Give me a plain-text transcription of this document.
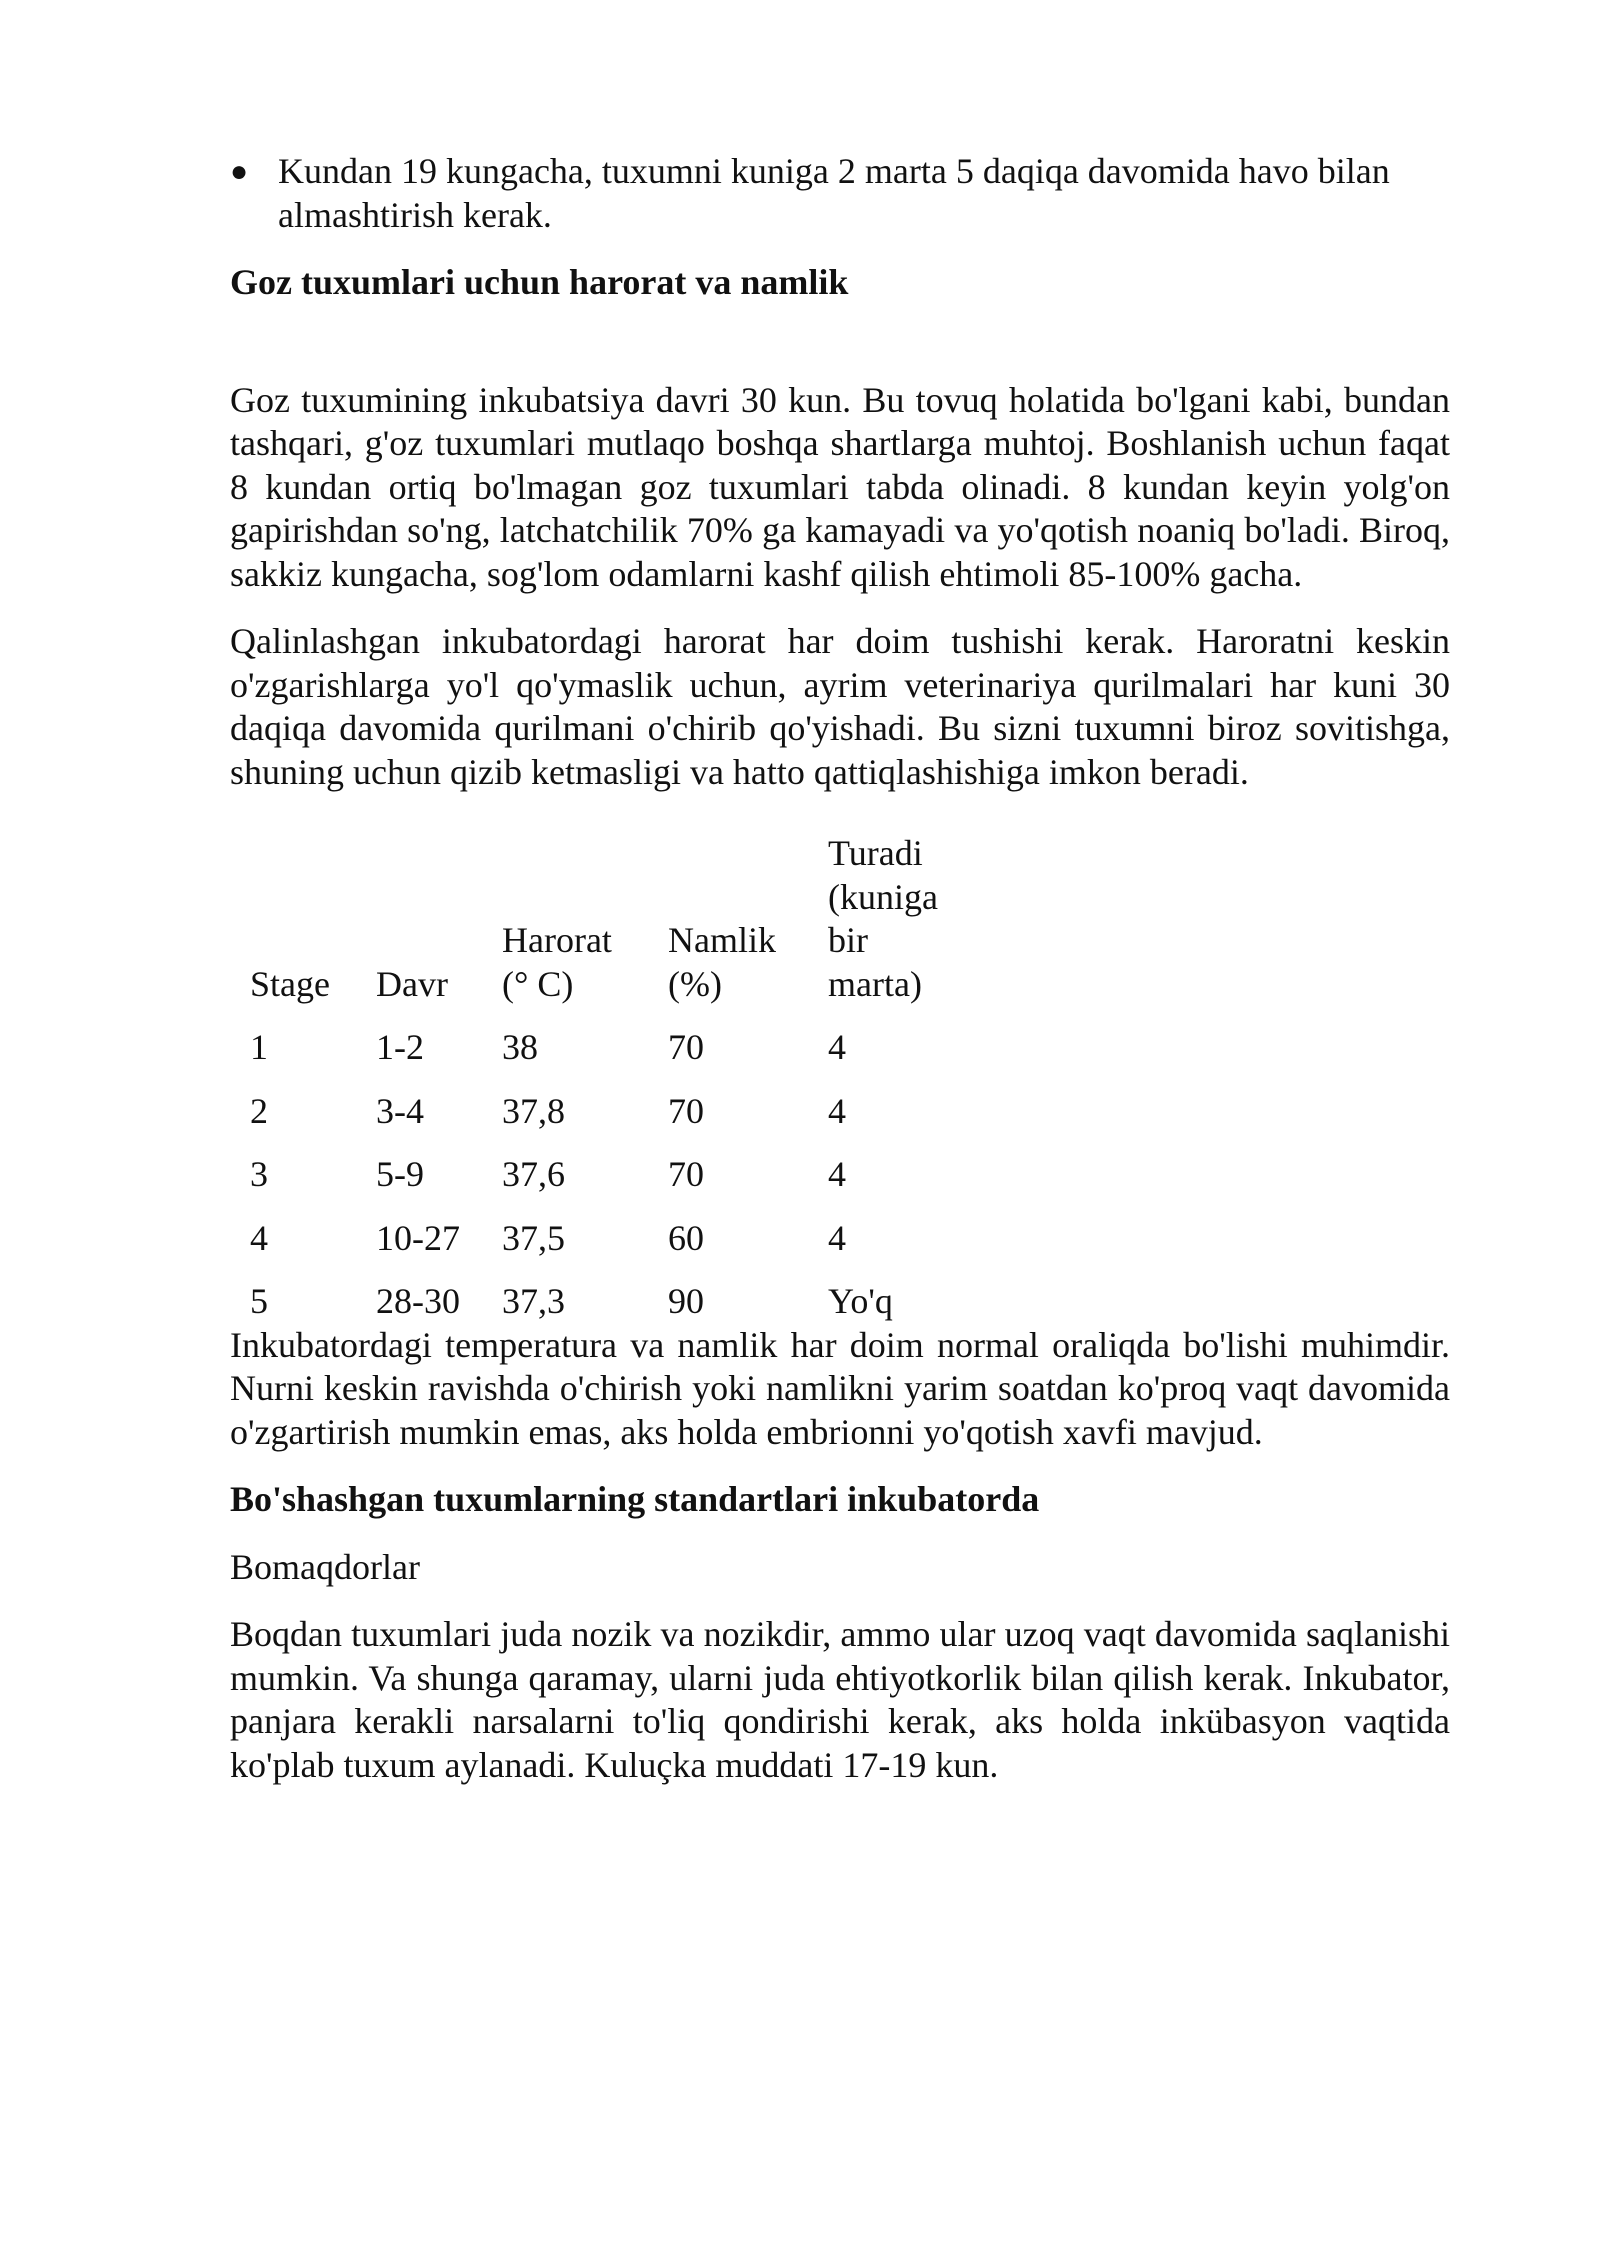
● Kundan 19 kungacha, tuxumni kuniga 2 marta 5 daqiqa davomida havo bilan almashtirish kerak.
Goz tuxumlari uchun harorat va namlik

Goz tuxumining inkubatsiya davri 30 kun. Bu tovuq holatida bo'lgani kabi, bundan tashqari, g'oz tuxumlari mutlaqo boshqa shartlarga muhtoj. Boshlanish uchun faqat 8 kundan ortiq bo'lmagan goz tuxumlari tabda olinadi. 8 kundan keyin yolg'on gapirishdan so'ng, latchatchilik 70% ga kamayadi va yo'qotish noaniq bo'ladi. Biroq, sakkiz kungacha, sog'lom odamlarni kashf qilish ehtimoli 85-100% gacha.

Qalinlashgan inkubatordagi harorat har doim tushishi kerak. Haroratni keskin o'zgarishlarga yo'l qo'ymaslik uchun, ayrim veterinariya qurilmalari har kuni 30 daqiqa davomida qurilmani o'chirib qo'yishadi. Bu sizni tuxumni biroz sovitishga, shuning uchun qizib ketmasligi va hatto qattiqlashishiga imkon beradi.

Stage	Davr	Harorat (° C)	Namlik (%)	Turadi (kuniga bir marta)
1	1-2	38	70	4
2	3-4	37,8	70	4
3	5-9	37,6	70	4
4	10-27	37,5	60	4
5	28-30	37,3	90	Yo'q

Inkubatordagi temperatura va namlik har doim normal oraliqda bo'lishi muhimdir. Nurni keskin ravishda o'chirish yoki namlikni yarim soatdan ko'proq vaqt davomida o'zgartirish mumkin emas, aks holda embrionni yo'qotish xavfi mavjud.

Bo'shashgan tuxumlarning standartlari inkubatorda

Bomaqdorlar

Boqdan tuxumlari juda nozik va nozikdir, ammo ular uzoq vaqt davomida saqlanishi mumkin. Va shunga qaramay, ularni juda ehtiyotkorlik bilan qilish kerak. Inkubator, panjara kerakli narsalarni to'liq qondirishi kerak, aks holda inkübasyon vaqtida ko'plab tuxum aylanadi. Kuluçka muddati 17-19 kun.
